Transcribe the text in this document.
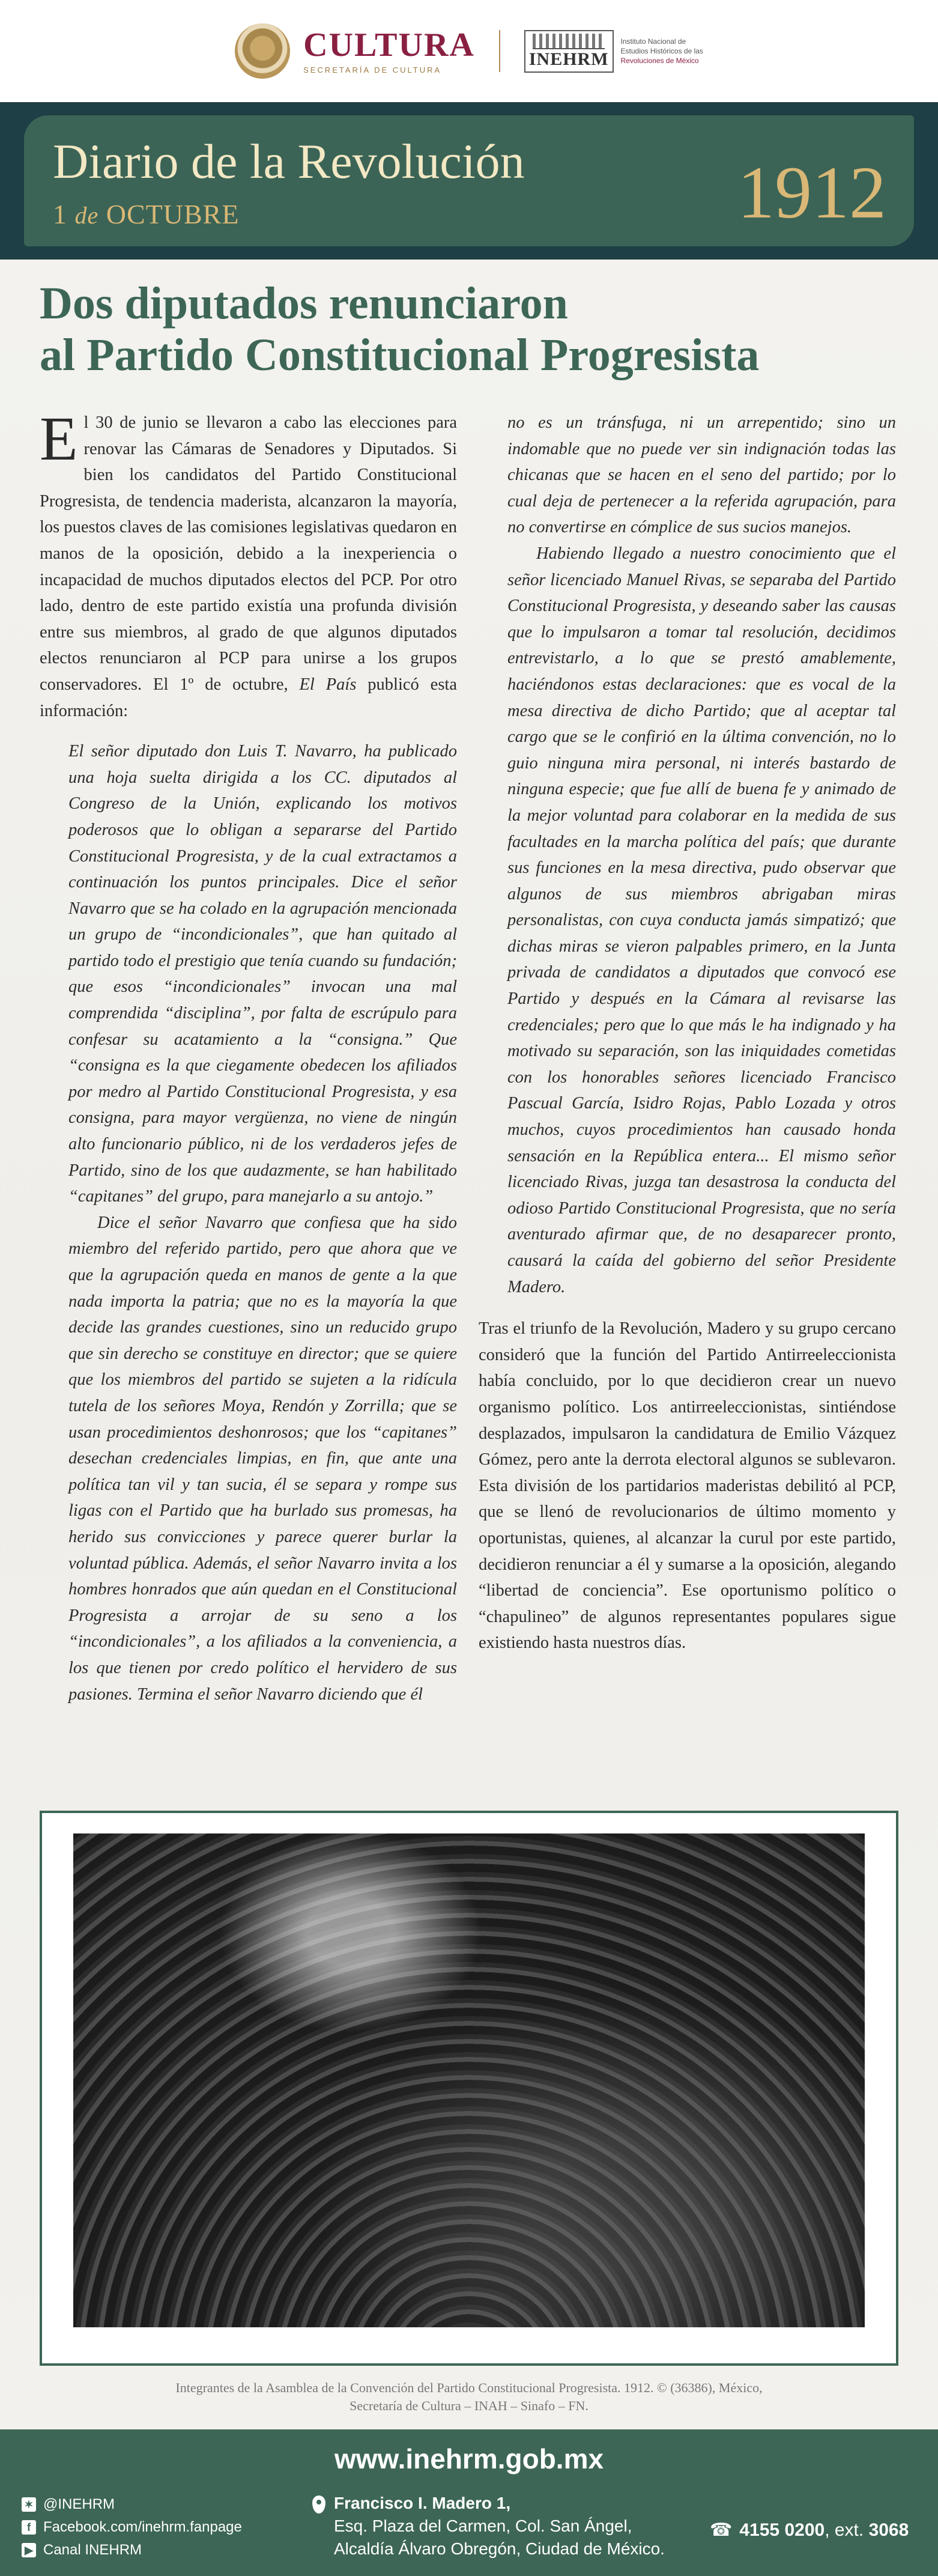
CULTURA
SECRETARÍA DE CULTURA
INEHRM
Instituto Nacional de
Estudios Históricos de las
Revoluciones de México
Diario de la Revolución
1 de OCTUBRE	1912
Dos diputados renunciaron
al Partido Constitucional Progresista

El 30 de junio se llevaron a cabo las elecciones para renovar las Cámaras de Senadores y Diputados. Si bien los candidatos del Partido Constitucional Progresista, de tendencia maderista, alcanzaron la mayoría, los puestos claves de las comisiones legislativas quedaron en manos de la oposición, debido a la inexperiencia o incapacidad de muchos diputados electos del PCP. Por otro lado, dentro de este partido existía una profunda división entre sus miembros, al grado de que algunos diputados electos renunciaron al PCP para unirse a los grupos conservadores. El 1º de octubre, El País publicó esta información:

El señor diputado don Luis T. Navarro, ha publicado una hoja suelta dirigida a los CC. diputados al Congreso de la Unión, explicando los motivos poderosos que lo obligan a separarse del Partido Constitucional Progresista, y de la cual extractamos a continuación los puntos principales. Dice el señor Navarro que se ha colado en la agrupación mencionada un grupo de “incondicionales”, que han quitado al partido todo el prestigio que tenía cuando su fundación; que esos “incondicionales” invocan una mal comprendida “disciplina”, por falta de escrúpulo para confesar su acatamiento a la “consigna.” Que “consigna es la que ciegamente obedecen los afiliados por medro al Partido Constitucional Progresista, y esa consigna, para mayor vergüenza, no viene de ningún alto funcionario público, ni de los verdaderos jefes de Partido, sino de los que audazmente, se han habilitado “capitanes” del grupo, para manejarlo a su antojo.”

Dice el señor Navarro que confiesa que ha sido miembro del referido partido, pero que ahora que ve que la agrupación queda en manos de gente a la que nada importa la patria; que no es la mayoría la que decide las grandes cuestiones, sino un reducido grupo que sin derecho se constituye en director; que se quiere que los miembros del partido se sujeten a la ridícula tutela de los señores Moya, Rendón y Zorrilla; que se usan procedimientos deshonrosos; que los “capitanes” desechan credenciales limpias, en fin, que ante una política tan vil y tan sucia, él se separa y rompe sus ligas con el Partido que ha burlado sus promesas, ha herido sus convicciones y parece querer burlar la voluntad pública. Además, el señor Navarro invita a los hombres honrados que aún quedan en el Constitucional Progresista a arrojar de su seno a los “incondicionales”, a los afiliados a la conveniencia, a los que tienen por credo político el hervidero de sus pasiones. Termina el señor Navarro diciendo que él

no es un tránsfuga, ni un arrepentido; sino un indomable que no puede ver sin indignación todas las chicanas que se hacen en el seno del partido; por lo cual deja de pertenecer a la referida agrupación, para no convertirse en cómplice de sus sucios manejos.

Habiendo llegado a nuestro conocimiento que el señor licenciado Manuel Rivas, se separaba del Partido Constitucional Progresista, y deseando saber las causas que lo impulsaron a tomar tal resolución, decidimos entrevistarlo, a lo que se prestó amablemente, haciéndonos estas declaraciones: que es vocal de la mesa directiva de dicho Partido; que al aceptar tal cargo que se le confirió en la última convención, no lo guio ninguna mira personal, ni interés bastardo de ninguna especie; que fue allí de buena fe y animado de la mejor voluntad para colaborar en la medida de sus facultades en la marcha política del país; que durante sus funciones en la mesa directiva, pudo observar que algunos de sus miembros abrigaban miras personalistas, con cuya conducta jamás simpatizó; que dichas miras se vieron palpables primero, en la Junta privada de candidatos a diputados que convocó ese Partido y después en la Cámara al revisarse las credenciales; pero que lo que más le ha indignado y ha motivado su separación, son las iniquidades cometidas con los honorables señores licenciado Francisco Pascual García, Isidro Rojas, Pablo Lozada y otros muchos, cuyos procedimientos han causado honda sensación en la República entera... El mismo señor licenciado Rivas, juzga tan desastrosa la conducta del odioso Partido Constitucional Progresista, que no sería aventurado afirmar que, de no desaparecer pronto, causará la caída del gobierno del señor Presidente Madero.

Tras el triunfo de la Revolución, Madero y su grupo cercano consideró que la función del Partido Antirreeleccionista había concluido, por lo que decidieron crear un nuevo organismo político. Los antirreeleccionistas, sintiéndose desplazados, impulsaron la candidatura de Emilio Vázquez Gómez, pero ante la derrota electoral algunos se sublevaron. Esta división de los partidarios maderistas debilitó al PCP, que se llenó de revolucionarios de último momento y oportunistas, quienes, al alcanzar la curul por este partido, decidieron renunciar a él y sumarse a la oposición, alegando “libertad de conciencia”. Ese oportunismo político o “chapulineo” de algunos representantes populares sigue existiendo hasta nuestros días.

Integrantes de la Asamblea de la Convención del Partido Constitucional Progresista. 1912. © (36386), México,
Secretaría de Cultura – INAH – Sinafo – FN.
www.inehrm.gob.mx
✶ @INEHRM
f Facebook.com/inehrm.fanpage
▶ Canal INEHRM
Francisco I. Madero 1,
Esq. Plaza del Carmen, Col. San Ángel,
Alcaldía Álvaro Obregón, Ciudad de México.
☎ 4155 0200, ext. 3068
